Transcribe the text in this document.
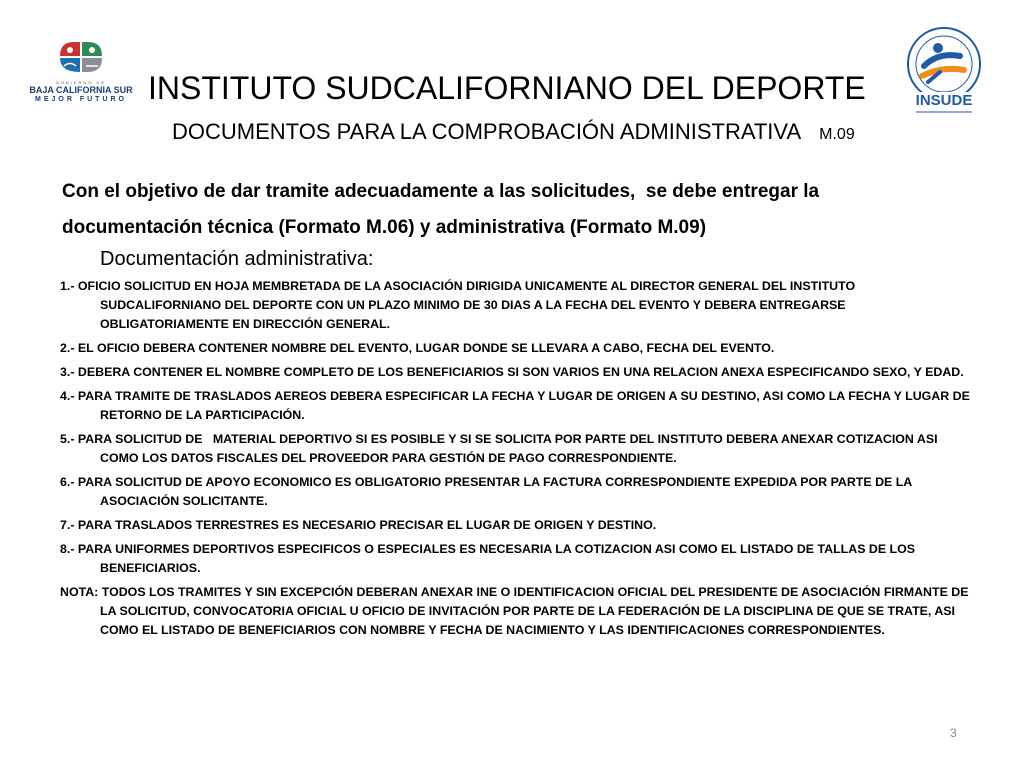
GOBIERNO DE
BAJA CALIFORNIA SUR
MEJOR FUTURO	INSUDE
INSTITUTO SUDCALIFORNIANO DEL DEPORTE
DOCUMENTOS PARA LA COMPROBACIÓN ADMINISTRATIVA M.09
Con el objetivo de dar tramite adecuadamente a las solicitudes,  se debe entregar la
documentación técnica (Formato M.06) y administrativa (Formato M.09)
Documentación administrativa:
1.- OFICIO SOLICITUD EN HOJA MEMBRETADA DE LA ASOCIACIÓN DIRIGIDA UNICAMENTE AL DIRECTOR GENERAL DEL INSTITUTO SUDCALIFORNIANO DEL DEPORTE CON UN PLAZO MINIMO DE 30 DIAS A LA FECHA DEL EVENTO Y DEBERA ENTREGARSE OBLIGATORIAMENTE EN DIRECCIÓN GENERAL.
2.- EL OFICIO DEBERA CONTENER NOMBRE DEL EVENTO, LUGAR DONDE SE LLEVARA A CABO, FECHA DEL EVENTO.
3.- DEBERA CONTENER EL NOMBRE COMPLETO DE LOS BENEFICIARIOS SI SON VARIOS EN UNA RELACION ANEXA ESPECIFICANDO SEXO, Y EDAD.
4.- PARA TRAMITE DE TRASLADOS AEREOS DEBERA ESPECIFICAR LA FECHA Y LUGAR DE ORIGEN A SU DESTINO, ASI COMO LA FECHA Y LUGAR DE RETORNO DE LA PARTICIPACIÓN.
5.- PARA SOLICITUD DE   MATERIAL DEPORTIVO SI ES POSIBLE Y SI SE SOLICITA POR PARTE DEL INSTITUTO DEBERA ANEXAR COTIZACION ASI COMO LOS DATOS FISCALES DEL PROVEEDOR PARA GESTIÓN DE PAGO CORRESPONDIENTE.
6.- PARA SOLICITUD DE APOYO ECONOMICO ES OBLIGATORIO PRESENTAR LA FACTURA CORRESPONDIENTE EXPEDIDA POR PARTE DE LA ASOCIACIÓN SOLICITANTE.
7.- PARA TRASLADOS TERRESTRES ES NECESARIO PRECISAR EL LUGAR DE ORIGEN Y DESTINO.
8.- PARA UNIFORMES DEPORTIVOS ESPECIFICOS O ESPECIALES ES NECESARIA LA COTIZACION ASI COMO EL LISTADO DE TALLAS DE LOS BENEFICIARIOS.
NOTA: TODOS LOS TRAMITES Y SIN EXCEPCIÓN DEBERAN ANEXAR INE O IDENTIFICACION OFICIAL DEL PRESIDENTE DE ASOCIACIÓN FIRMANTE DE LA SOLICITUD, CONVOCATORIA OFICIAL U OFICIO DE INVITACIÓN POR PARTE DE LA FEDERACIÓN DE LA DISCIPLINA DE QUE SE TRATE, ASI COMO EL LISTADO DE BENEFICIARIOS CON NOMBRE Y FECHA DE NACIMIENTO Y LAS IDENTIFICACIONES CORRESPONDIENTES.
3
